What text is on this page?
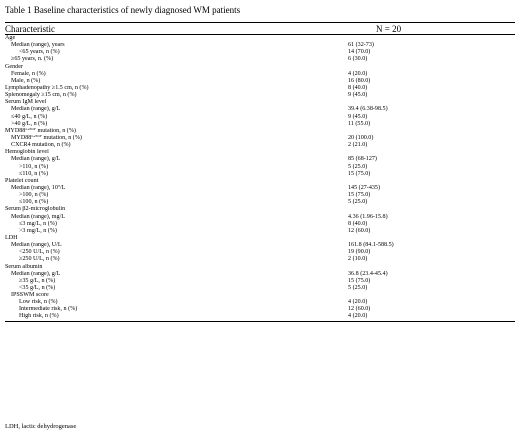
Table 1 Baseline characteristics of newly diagnosed WM patients
Characteristic	N = 20
Age
Median (range), years	61 (32-73)
<65 years, n (%)	14 (70.0)
≥65 years, n. (%)	6 (30.0)
Gender
Female, n (%)	4 (20.0)
Male, n (%)	16 (80.0)
Lymphadenopathy ≥1.5 cm, n (%)	8 (40.0)
Splenomegaly ≥15 cm, n (%)	9 (45.0)
Serum IgM level
Median (range), g/L	39.4 (6.38-98.5)
≤40 g/L, n (%)	9 (45.0)
>40 g/L, n (%)	11 (55.0)
$MYD88^{L265P}$ mutation, n (%)
$MYD88^{L265P}$ mutation, n (%)	20 (100.0)
CXCR4 mutation, n (%)	2 (21.0)
Hemoglobin level
Median (range), g/L	85 (68-127)
>110, n (%)	5 (25.0)
≤110, n (%)	15 (75.0)
Platelet count
Median (range), $10^9/L$	145 (27-435)
>100, n (%)	15 (75.0)
≤100, n (%)	5 (25.0)
Serum β2-microglobulin
Median (range), mg/L	4.36 (1.96-15.8)
≤3 mg/L, n (%)	8 (40.0)
>3 mg/L, n (%)	12 (60.0)
LDH
Median (range), U/L	161.8 (84.1-588.5)
<250 U/L, n (%)	19 (90.0)
≥250 U/L, n (%)	2 (10.0)
Serum albumin
Median (range), g/L	36.8 (23.4-45.4)
≥35 g/L, n (%)	15 (75.0)
<35 g/L, n (%)	5 (25.0)
IPSSWM score
Low risk, n (%)	4 (20.0)
Intermediate risk, n (%)	12 (60.0)
High risk, n (%)	4 (20.0)
LDH, lactic dehydrogenase
